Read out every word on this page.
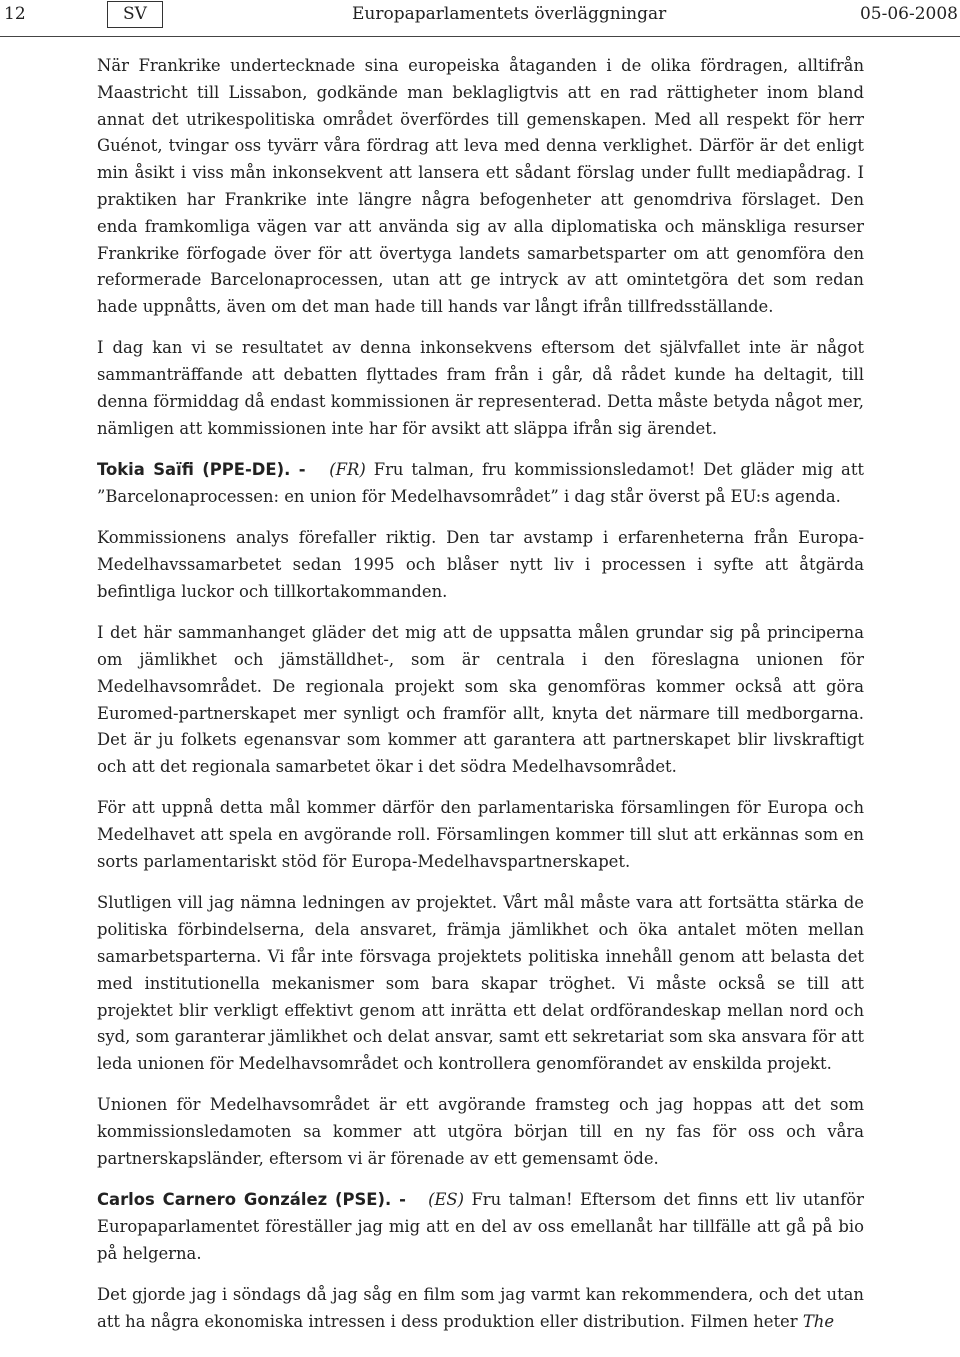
12	SV	Europaparlamentets överläggningar	05-06-2008

När Frankrike undertecknade sina europeiska åtaganden i de olika fördragen, alltifrån Maastricht till Lissabon, godkände man beklagligtvis att en rad rättigheter inom bland annat det utrikespolitiska området överfördes till gemenskapen. Med all respekt för herr Guénot, tvingar oss tyvärr våra fördrag att leva med denna verklighet. Därför är det enligt min åsikt i viss mån inkonsekvent att lansera ett sådant förslag under fullt mediapådrag. I praktiken har Frankrike inte längre några befogenheter att genomdriva förslaget. Den enda framkomliga vägen var att använda sig av alla diplomatiska och mänskliga resurser Frankrike förfogade över för att övertyga landets samarbetsparter om att genomföra den reformerade Barcelonaprocessen, utan att ge intryck av att omintetgöra det som redan hade uppnåtts, även om det man hade till hands var långt ifrån tillfredsställande.

I dag kan vi se resultatet av denna inkonsekvens eftersom det självfallet inte är något sammanträffande att debatten flyttades fram från i går, då rådet kunde ha deltagit, till denna förmiddag då endast kommissionen är representerad. Detta måste betyda något mer, nämligen att kommissionen inte har för avsikt att släppa ifrån sig ärendet.

Tokia Saïfi (PPE-DE). - (FR) Fru talman, fru kommissionsledamot! Det gläder mig att ”Barcelonaprocessen: en union för Medelhavsområdet” i dag står överst på EU:s agenda.

Kommissionens analys förefaller riktig. Den tar avstamp i erfarenheterna från Europa-Medelhavssamarbetet sedan 1995 och blåser nytt liv i processen i syfte att åtgärda befintliga luckor och tillkortakommanden.

I det här sammanhanget gläder det mig att de uppsatta målen grundar sig på principerna om jämlikhet och jämställdhet-, som är centrala i den föreslagna unionen för Medelhavsområdet. De regionala projekt som ska genomföras kommer också att göra Euromed-partnerskapet mer synligt och framför allt, knyta det närmare till medborgarna. Det är ju folkets egenansvar som kommer att garantera att partnerskapet blir livskraftigt och att det regionala samarbetet ökar i det södra Medelhavsområdet.

För att uppnå detta mål kommer därför den parlamentariska församlingen för Europa och Medelhavet att spela en avgörande roll. Församlingen kommer till slut att erkännas som en sorts parlamentariskt stöd för Europa-Medelhavspartnerskapet.

Slutligen vill jag nämna ledningen av projektet. Vårt mål måste vara att fortsätta stärka de politiska förbindelserna, dela ansvaret, främja jämlikhet och öka antalet möten mellan samarbetsparterna. Vi får inte försvaga projektets politiska innehåll genom att belasta det med institutionella mekanismer som bara skapar tröghet. Vi måste också se till att projektet blir verkligt effektivt genom att inrätta ett delat ordförandeskap mellan nord och syd, som garanterar jämlikhet och delat ansvar, samt ett sekretariat som ska ansvara för att leda unionen för Medelhavsområdet och kontrollera genomförandet av enskilda projekt.

Unionen för Medelhavsområdet är ett avgörande framsteg och jag hoppas att det som kommissionsledamoten sa kommer att utgöra början till en ny fas för oss och våra partnerskapsländer, eftersom vi är förenade av ett gemensamt öde.

Carlos Carnero González (PSE). - (ES) Fru talman! Eftersom det finns ett liv utanför Europaparlamentet föreställer jag mig att en del av oss emellanåt har tillfälle att gå på bio på helgerna.

Det gjorde jag i söndags då jag såg en film som jag varmt kan rekommendera, och det utan att ha några ekonomiska intressen i dess produktion eller distribution. Filmen heter The
